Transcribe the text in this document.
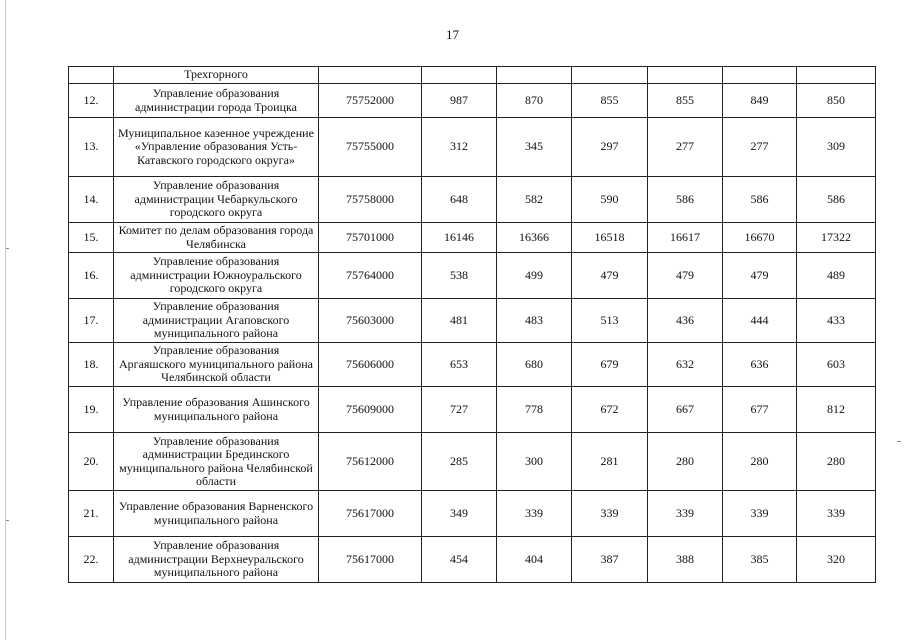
17
	Трехгорного							
12.	Управление образования администрации города Троицка	75752000	987	870	855	855	849	850
13.	Муниципальное казенное учреждение «Управление образования Усть-Катавского городского округа»	75755000	312	345	297	277	277	309
14.	Управление образования администрации Чебаркульского городского округа	75758000	648	582	590	586	586	586
15.	Комитет по делам образования города Челябинска	75701000	16146	16366	16518	16617	16670	17322
16.	Управление образования администрации Южноуральского городского округа	75764000	538	499	479	479	479	489
17.	Управление образования администрации Агаповского муниципального района	75603000	481	483	513	436	444	433
18.	Управление образования Аргаяшского муниципального района Челябинской области	75606000	653	680	679	632	636	603
19.	Управление образования Ашинского муниципального района	75609000	727	778	672	667	677	812
20.	Управление образования администрации Брединского муниципального района Челябинской области	75612000	285	300	281	280	280	280
21.	Управление образования Варненского муниципального района	75617000	349	339	339	339	339	339
22.	Управление образования администрации Верхнеуральского муниципального района	75617000	454	404	387	388	385	320
